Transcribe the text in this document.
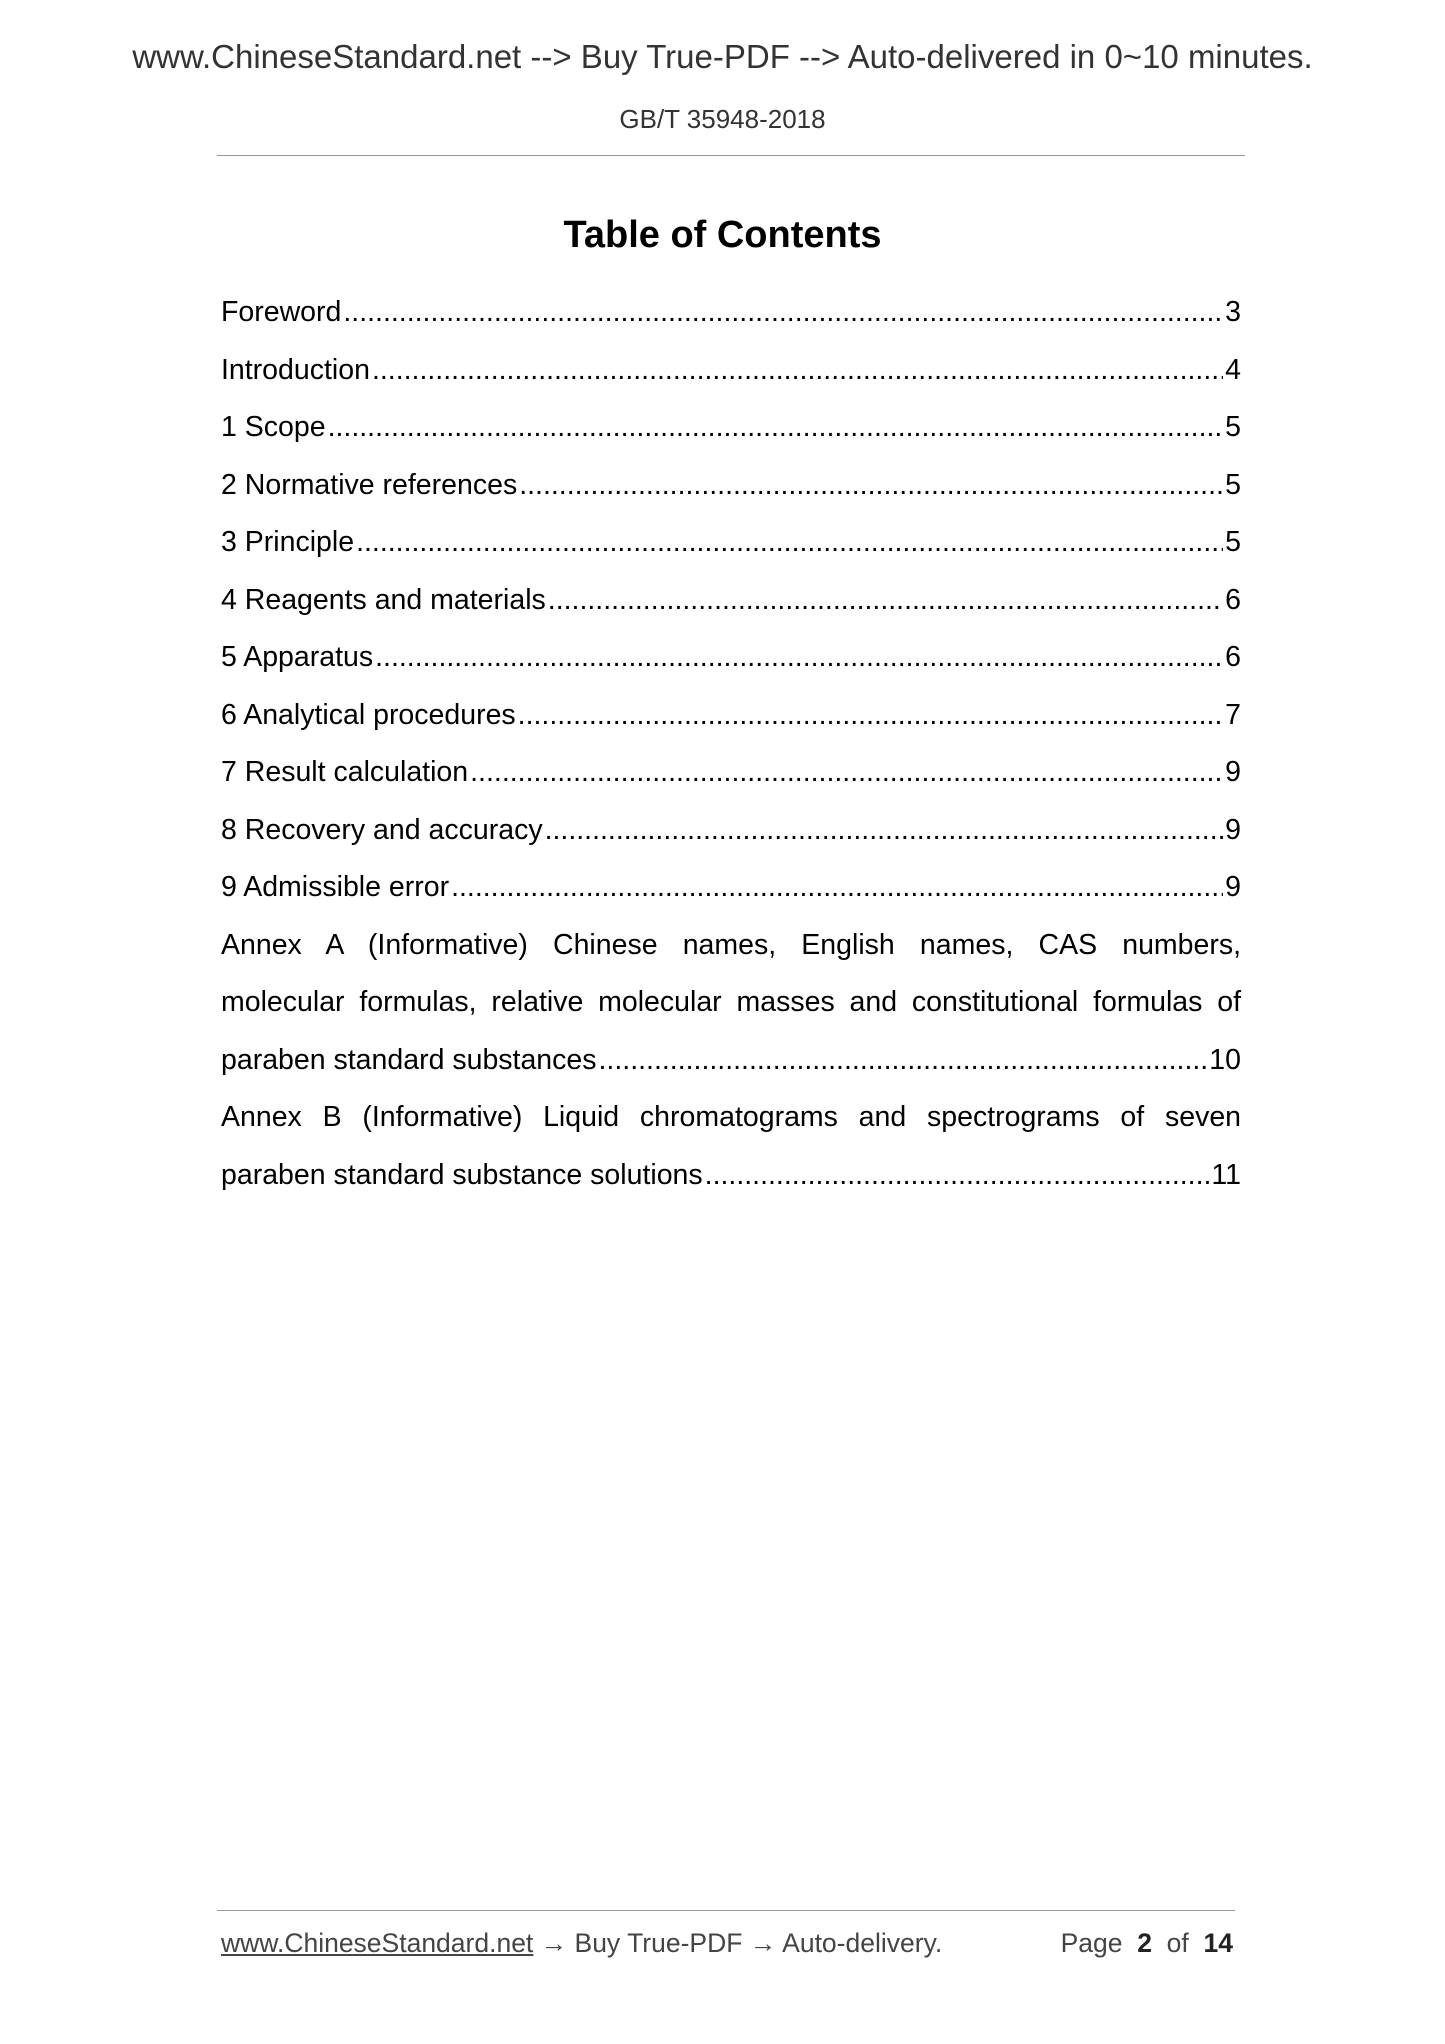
www.ChineseStandard.net --> Buy True-PDF --> Auto-delivered in 0~10 minutes.
GB/T 35948-2018
Table of Contents
Foreword .....	3
Introduction .....	4
1 Scope .....	5
2 Normative references .....	5
3 Principle .....	5
4 Reagents and materials .....	6
5 Apparatus .....	6
6 Analytical procedures .....	7
7 Result calculation .....	9
8 Recovery and accuracy .....	9
9 Admissible error .....	9
Annex A (Informative) Chinese names, English names, CAS numbers,
molecular formulas, relative molecular masses and constitutional formulas of
paraben standard substances .....	10
Annex B (Informative) Liquid chromatograms and spectrograms of seven
paraben standard substance solutions .....	11
www.ChineseStandard.net → Buy True-PDF → Auto-delivery.	Page 2 of 14
